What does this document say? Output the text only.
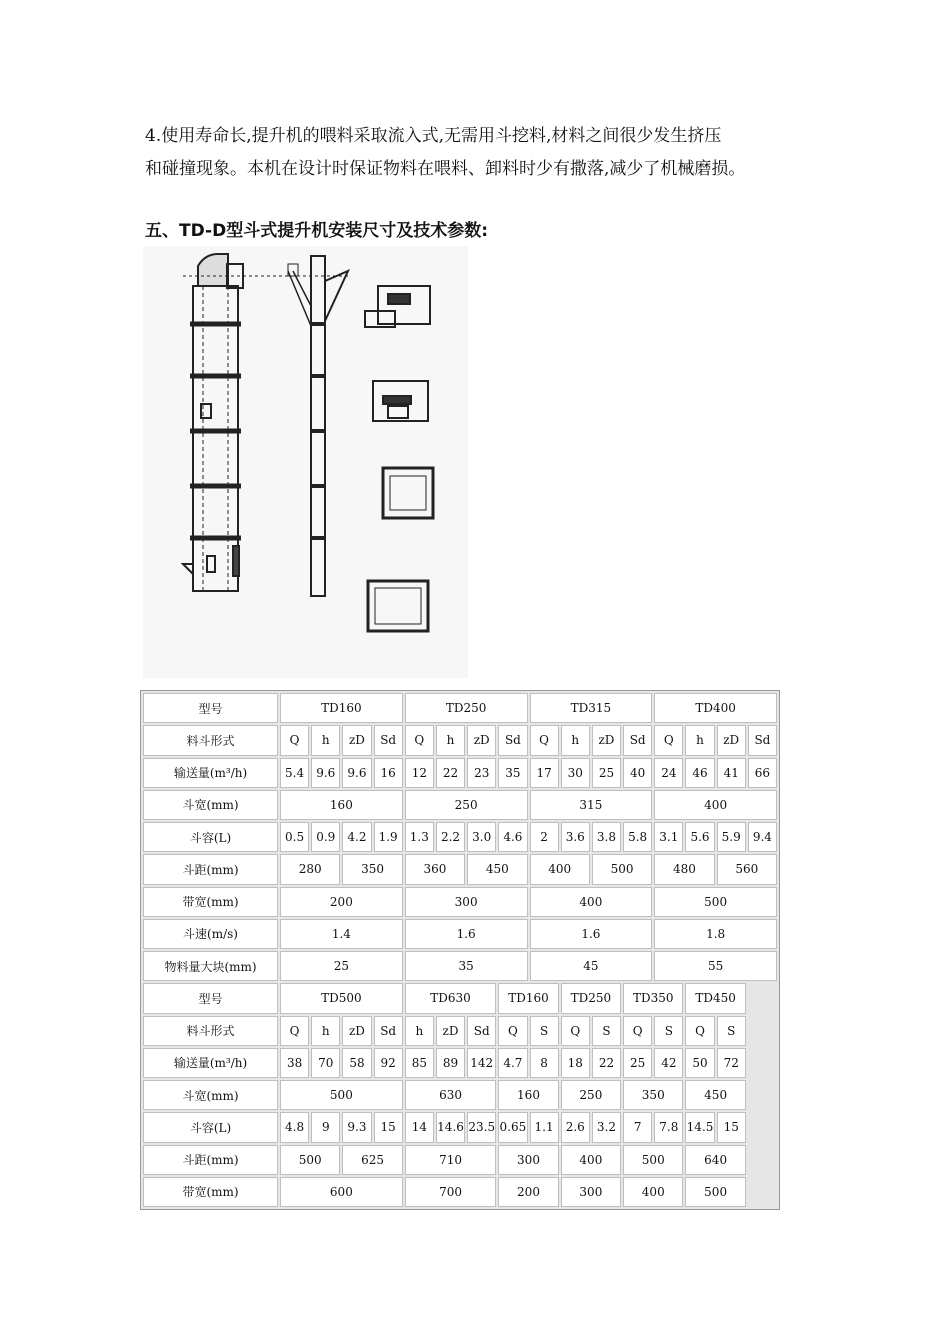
4.使用寿命长,提升机的喂料采取流入式,无需用斗挖料,材料之间很少发生挤压
和碰撞现象。本机在设计时保证物料在喂料、卸料时少有撒落,减少了机械磨损。

五、TD-D型斗式提升机安装尺寸及技术参数:
型号	TD160				TD250				TD315				TD400			
料斗形式	Q	h	zD	Sd	Q	h	zD	Sd	Q	h	zD	Sd	Q	h	zD	Sd
输送量(m³/h)	5.4	9.6	9.6	16	12	22	23	35	17	30	25	40	24	46	41	66
斗宽(mm)	160				250				315				400			
斗容(L)	0.5	0.9	4.2	1.9	1.3	2.2	3.0	4.6	2	3.6	3.8	5.8	3.1	5.6	5.9	9.4
斗距(mm)	280		350		360		450		400		500		480		560	
带宽(mm)	200				300				400				500			
斗速(m/s)	1.4				1.6				1.6				1.8			
物料量大块(mm)	25				35				45				55			
型号	TD500				TD630			TD160		TD250		TD350		TD450		
料斗形式	Q	h	zD	Sd	h	zD	Sd	Q	S	Q	S	Q	S	Q	S	
输送量(m³/h)	38	70	58	92	85	89	142	4.7	8	18	22	25	42	50	72	
斗宽(mm)	500				630			160		250		350		450		
斗容(L)	4.8	9	9.3	15	14	14.6	23.5	0.65	1.1	2.6	3.2	7	7.8	14.5	15	
斗距(mm)	500		625		710			300		400		500		640		
带宽(mm)	600				700			200		300		400		500		
